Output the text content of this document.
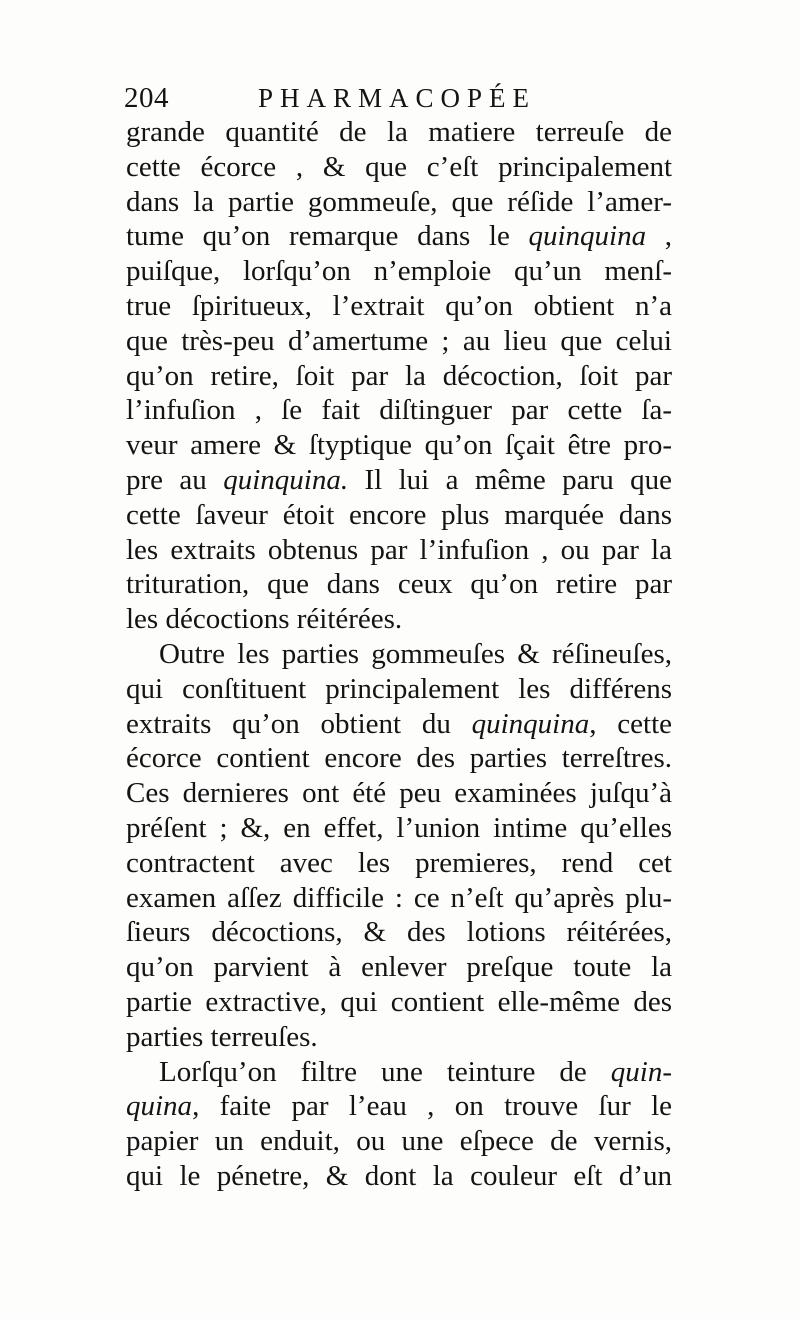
204	PHARMACOPÉE
grande quantité de la matiere terreuſe de
cette écorce , & que c’eſt principalement
dans la partie gommeuſe, que réſide l’amer-
tume qu’on remarque dans le quinquina ,
puiſque, lorſqu’on n’emploie qu’un menſ-
true ſpiritueux, l’extrait qu’on obtient n’a
que très-peu d’amertume ; au lieu que celui
qu’on retire, ſoit par la décoction, ſoit par
l’infuſion , ſe fait diſtinguer par cette ſa-
veur amere & ſtyptique qu’on ſçait être pro-
pre au quinquina. Il lui a même paru que
cette ſaveur étoit encore plus marquée dans
les extraits obtenus par l’infuſion , ou par la
trituration, que dans ceux qu’on retire par
les décoctions réitérées.
Outre les parties gommeuſes & réſineuſes,
qui conſtituent principalement les différens
extraits qu’on obtient du quinquina, cette
écorce contient encore des parties terreſtres.
Ces dernieres ont été peu examinées juſqu’à
préſent ; &, en effet, l’union intime qu’elles
contractent avec les premieres, rend cet
examen aſſez difficile : ce n’eſt qu’après plu-
ſieurs décoctions, & des lotions réitérées,
qu’on parvient à enlever preſque toute la
partie extractive, qui contient elle-même des
parties terreuſes.
Lorſqu’on filtre une teinture de quin-
quina, faite par l’eau , on trouve ſur le
papier un enduit, ou une eſpece de vernis,
qui le pénetre, & dont la couleur eſt d’un
